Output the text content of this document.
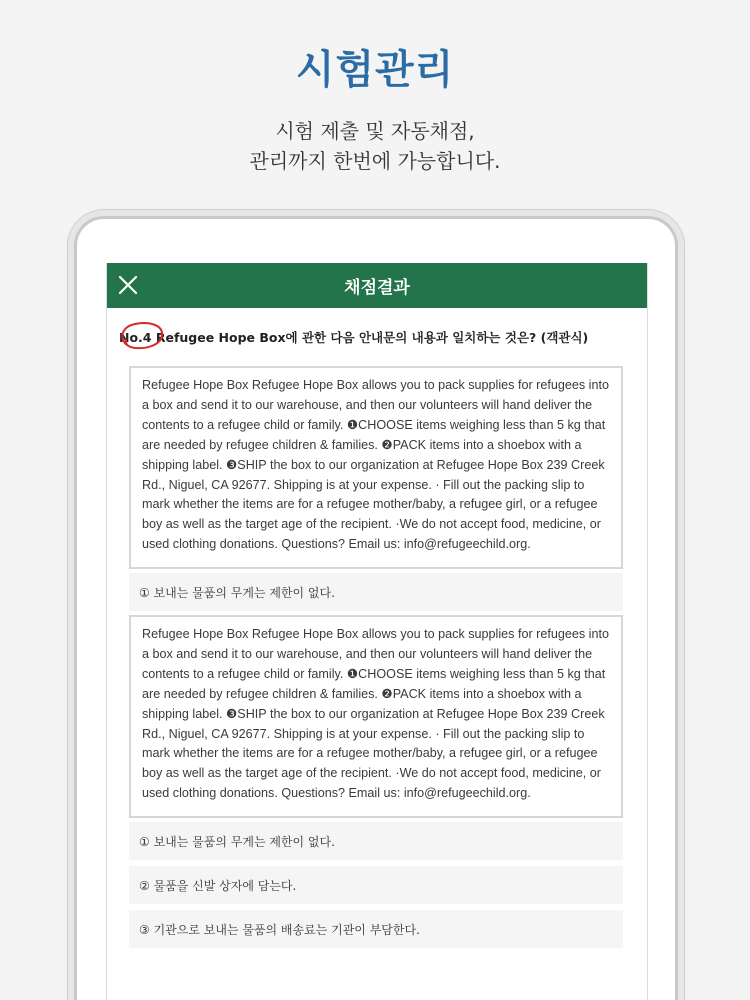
시험관리
시험 제출 및 자동채점,
관리까지 한번에 가능합니다.
채점결과
No.4 Refugee Hope Box에 관한 다음 안내문의 내용과 일치하는 것은? (객관식)
Refugee Hope Box Refugee Hope Box allows you to pack supplies for refugees into a box and send it to our warehouse, and then our volunteers will hand deliver the contents to a refugee child or family. ❶CHOOSE items weighing less than 5 kg that are needed by refugee children & families. ❷PACK items into a shoebox with a shipping label. ❸SHIP the box to our organization at Refugee Hope Box 239 Creek Rd., Niguel, CA 92677. Shipping is at your expense. · Fill out the packing slip to mark whether the items are for a refugee mother/baby, a refugee girl, or a refugee boy as well as the target age of the recipient. ·We do not accept food, medicine, or used clothing donations. Questions? Email us: info@refugeechild.org.
① 보내는 물품의 무게는 제한이 없다.
Refugee Hope Box Refugee Hope Box allows you to pack supplies for refugees into a box and send it to our warehouse, and then our volunteers will hand deliver the contents to a refugee child or family. ❶CHOOSE items weighing less than 5 kg that are needed by refugee children & families. ❷PACK items into a shoebox with a shipping label. ❸SHIP the box to our organization at Refugee Hope Box 239 Creek Rd., Niguel, CA 92677. Shipping is at your expense. · Fill out the packing slip to mark whether the items are for a refugee mother/baby, a refugee girl, or a refugee boy as well as the target age of the recipient. ·We do not accept food, medicine, or used clothing donations. Questions? Email us: info@refugeechild.org.
① 보내는 물품의 무게는 제한이 없다.
② 물품을 신발 상자에 담는다.
③ 기관으로 보내는 물품의 배송료는 기관이 부담한다.
